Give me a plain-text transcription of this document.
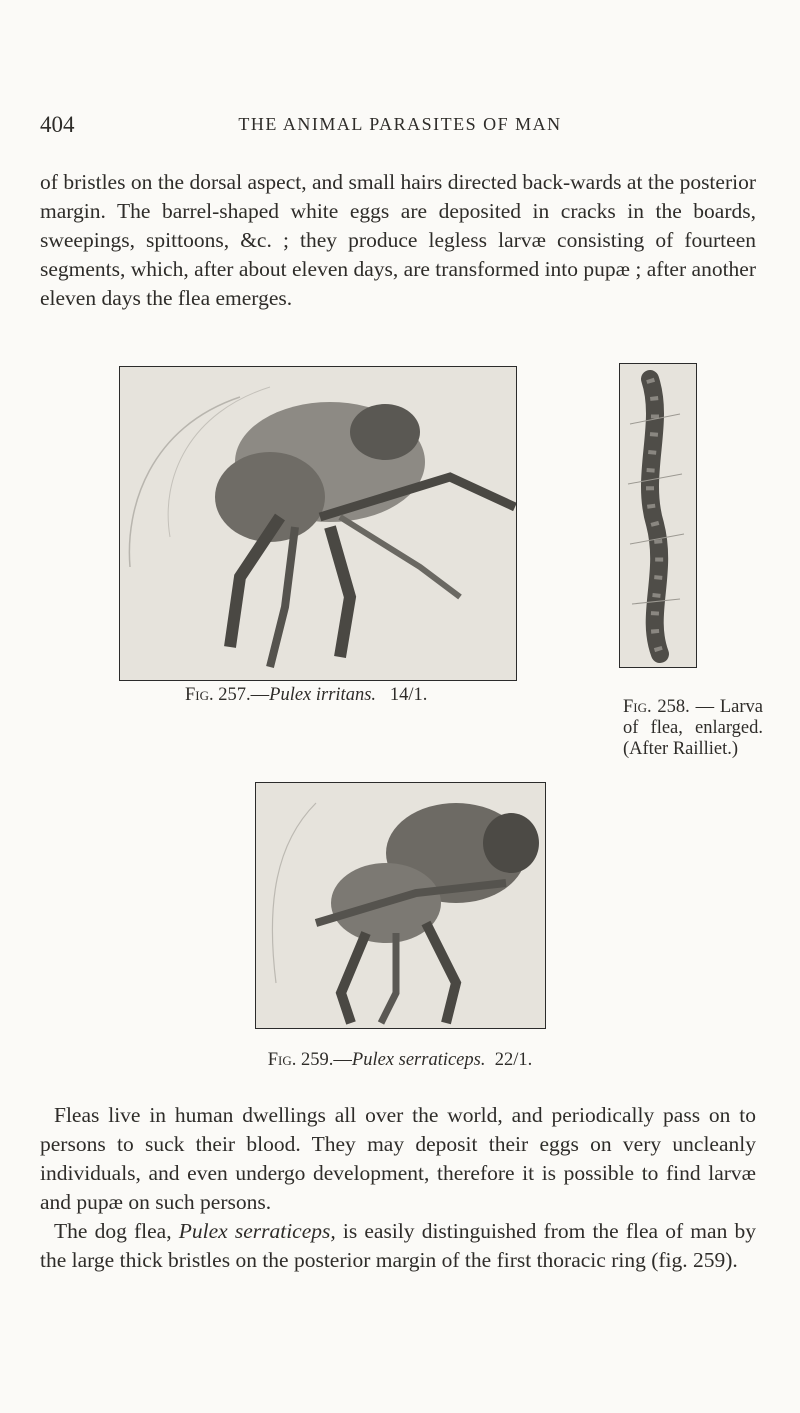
404	THE ANIMAL PARASITES OF MAN

of bristles on the dorsal aspect, and small hairs directed back-wards at the posterior margin. The barrel-shaped white eggs are deposited in cracks in the boards, sweepings, spittoons, &c. ; they produce legless larvæ consisting of fourteen segments, which, after about eleven days, are transformed into pupæ ; after another eleven days the flea emerges.

Fig. 257.—Pulex irritans. 14/1.
Fig. 258. — Larva of flea, enlarged. (After Railliet.)
Fig. 259.—Pulex serraticeps. 22/1.

Fleas live in human dwellings all over the world, and periodically pass on to persons to suck their blood. They may deposit their eggs on very uncleanly individuals, and even undergo development, therefore it is possible to find larvæ and pupæ on such persons.

The dog flea, Pulex serraticeps, is easily distinguished from the flea of man by the large thick bristles on the posterior margin of the first thoracic ring (fig. 259).
